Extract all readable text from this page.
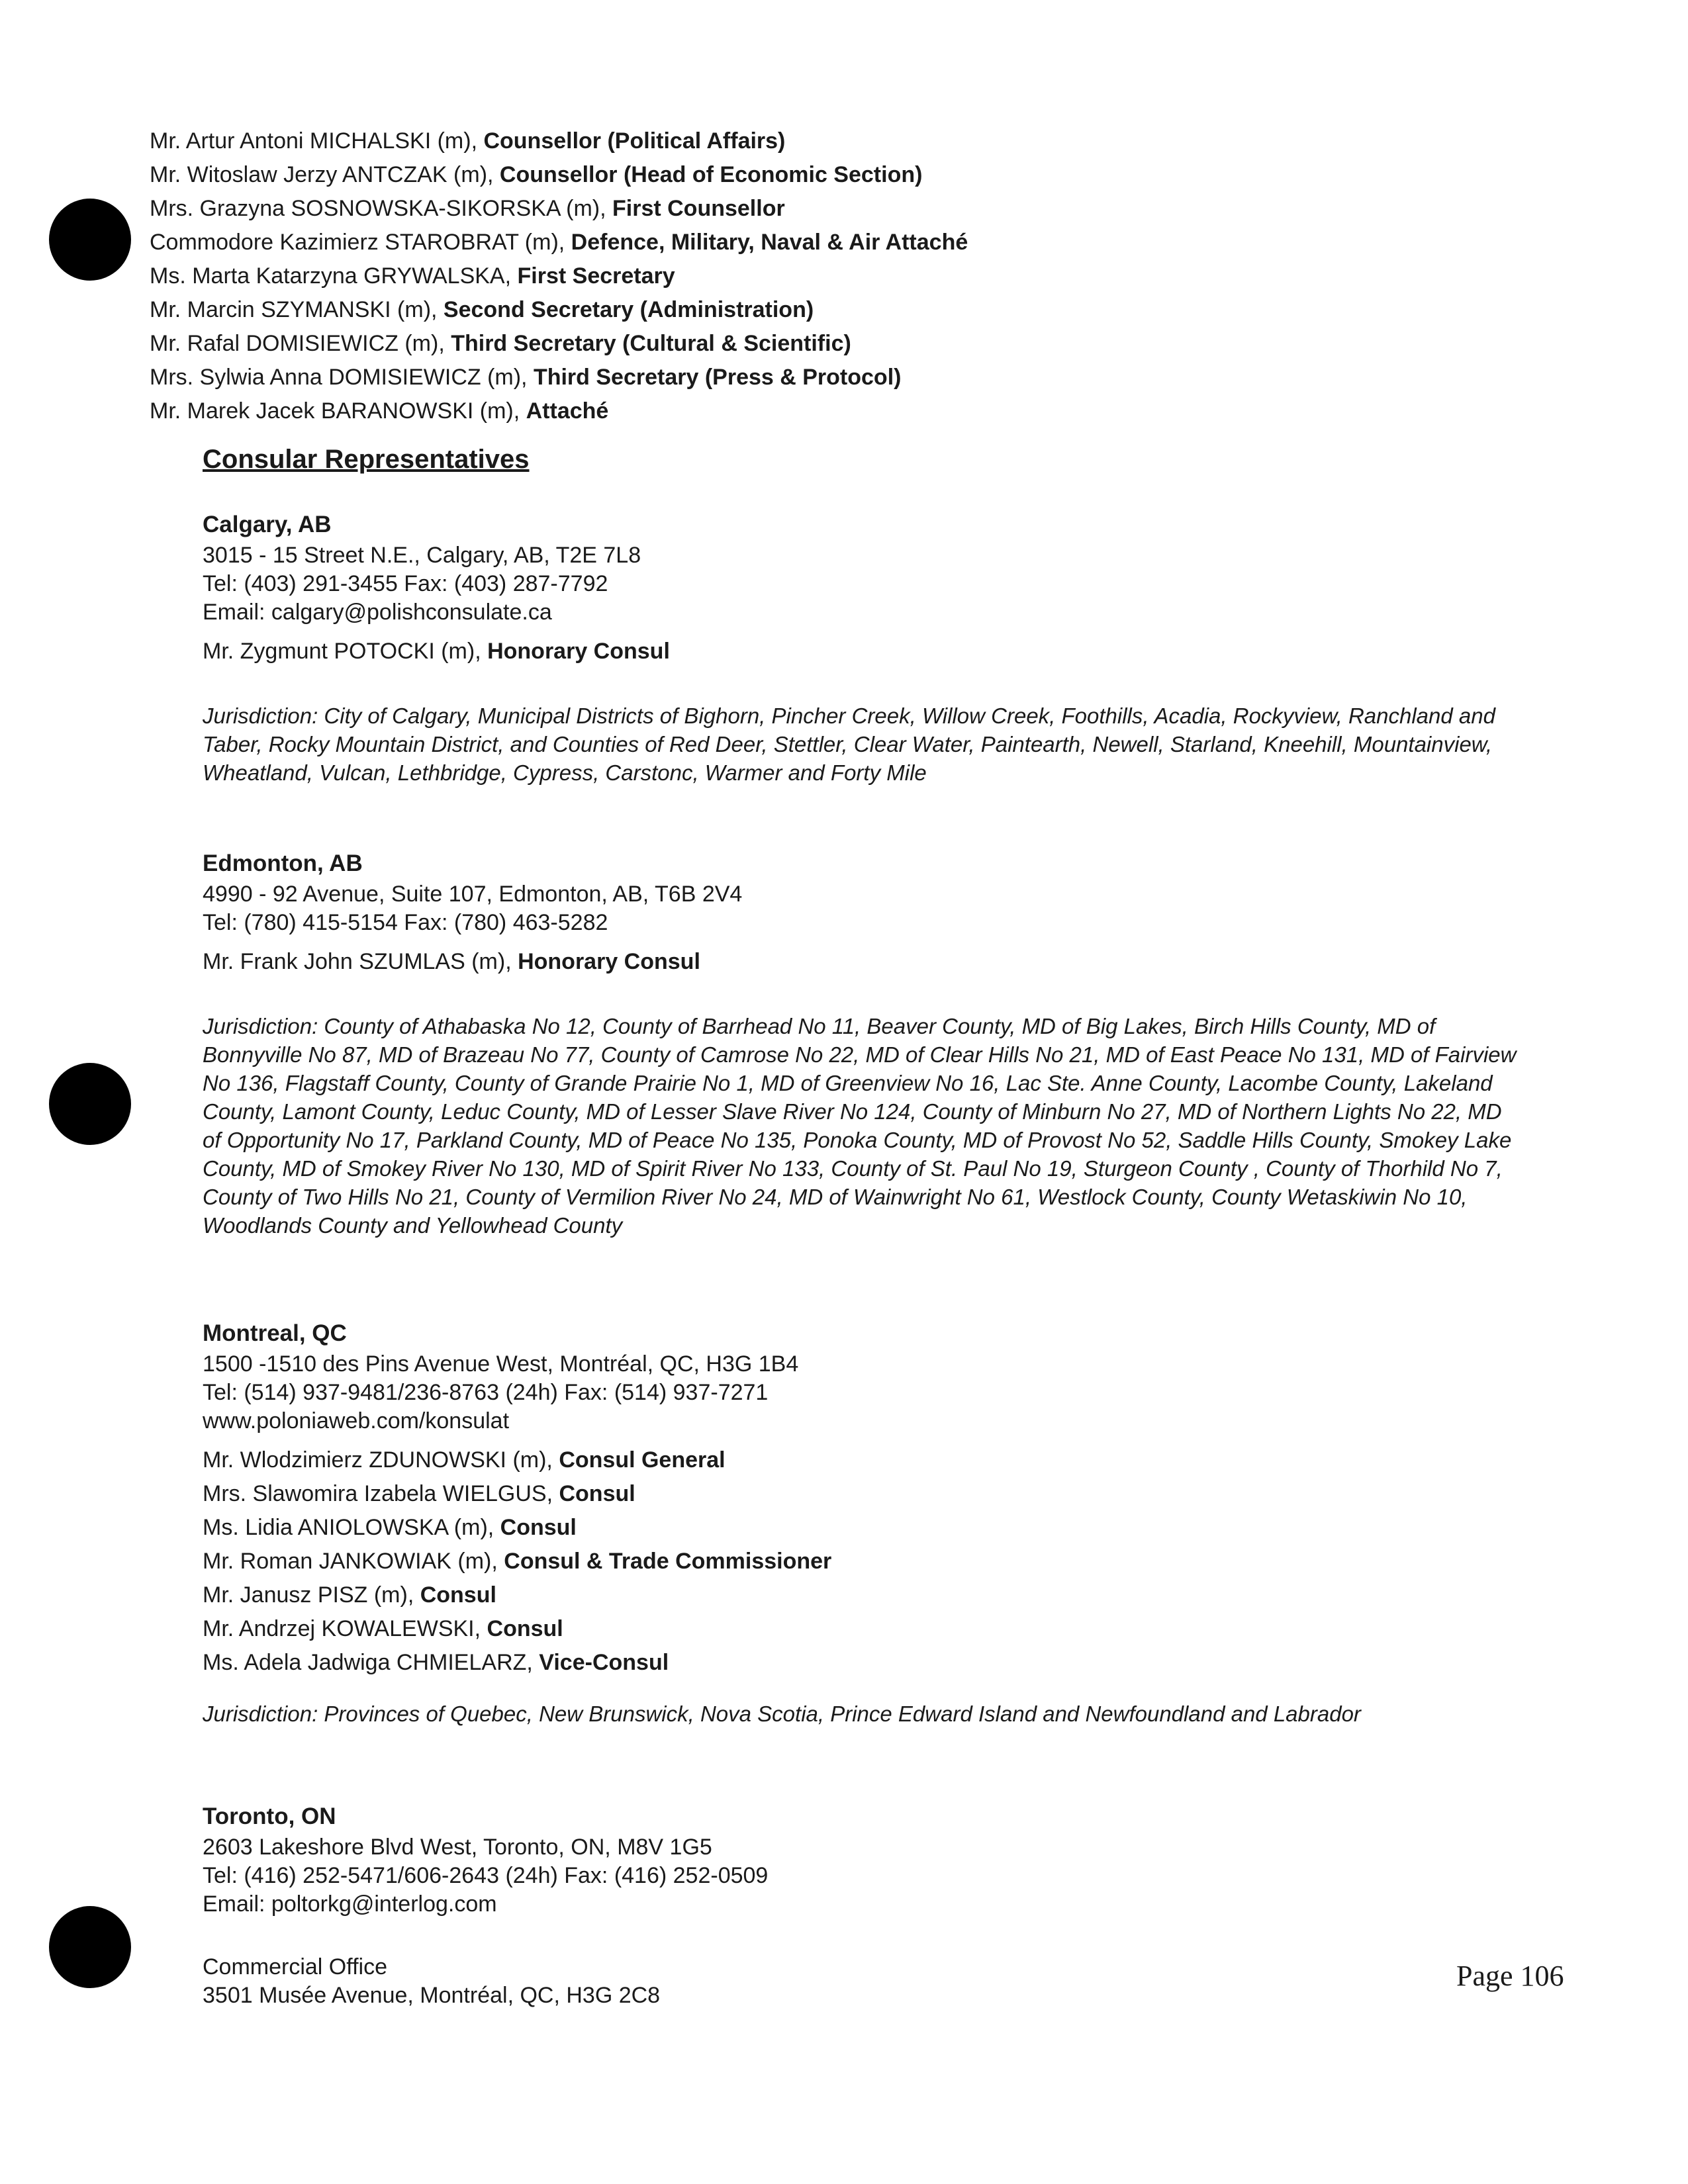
Mr. Artur Antoni MICHALSKI (m), Counsellor (Political Affairs)
Mr. Witoslaw Jerzy ANTCZAK (m), Counsellor (Head of Economic Section)
Mrs. Grazyna SOSNOWSKA-SIKORSKA (m), First Counsellor
Commodore Kazimierz STAROBRAT (m), Defence, Military, Naval & Air Attaché
Ms. Marta Katarzyna GRYWALSKA, First Secretary
Mr. Marcin SZYMANSKI (m), Second Secretary (Administration)
Mr. Rafal DOMISIEWICZ (m), Third Secretary (Cultural & Scientific)
Mrs. Sylwia Anna DOMISIEWICZ (m), Third Secretary (Press & Protocol)
Mr. Marek Jacek BARANOWSKI (m), Attaché
Consular Representatives
Calgary, AB
3015 - 15 Street N.E., Calgary, AB, T2E 7L8
Tel: (403) 291-3455 Fax: (403) 287-7792
Email: calgary@polishconsulate.ca
Mr. Zygmunt POTOCKI (m), Honorary Consul
Jurisdiction: City of Calgary, Municipal Districts of Bighorn, Pincher Creek, Willow Creek, Foothills, Acadia, Rockyview, Ranchland and Taber, Rocky Mountain District, and Counties of Red Deer, Stettler, Clear Water, Paintearth, Newell, Starland, Kneehill, Mountainview, Wheatland, Vulcan, Lethbridge, Cypress, Carstonc, Warmer and Forty Mile
Edmonton, AB
4990 - 92 Avenue, Suite 107, Edmonton, AB, T6B 2V4
Tel: (780) 415-5154 Fax: (780) 463-5282
Mr. Frank John SZUMLAS (m), Honorary Consul
Jurisdiction: County of Athabaska No 12, County of Barrhead No 11, Beaver County, MD of Big Lakes, Birch Hills County, MD of Bonnyville No 87, MD of Brazeau No 77, County of Camrose No 22, MD of Clear Hills No 21, MD of East Peace No 131, MD of Fairview No 136, Flagstaff County, County of Grande Prairie No 1, MD of Greenview No 16, Lac Ste. Anne County, Lacombe County, Lakeland County, Lamont County, Leduc County, MD of Lesser Slave River No 124, County of Minburn No 27, MD of Northern Lights No 22, MD of Opportunity No 17, Parkland County, MD of Peace No 135, Ponoka County, MD of Provost No 52, Saddle Hills County, Smokey Lake County, MD of Smokey River No 130, MD of Spirit River No 133, County of St. Paul No 19, Sturgeon County , County of Thorhild No 7, County of Two Hills No 21, County of Vermilion River No 24, MD of Wainwright No 61, Westlock County, County Wetaskiwin No 10, Woodlands County and Yellowhead County
Montreal, QC
1500 -1510 des Pins Avenue West, Montréal, QC, H3G 1B4
Tel: (514) 937-9481/236-8763 (24h) Fax: (514) 937-7271
www.poloniaweb.com/konsulat
Mr. Wlodzimierz ZDUNOWSKI (m), Consul General
Mrs. Slawomira Izabela WIELGUS, Consul
Ms. Lidia ANIOLOWSKA (m), Consul
Mr. Roman JANKOWIAK (m), Consul & Trade Commissioner
Mr. Janusz PISZ (m), Consul
Mr. Andrzej KOWALEWSKI, Consul
Ms. Adela Jadwiga CHMIELARZ, Vice-Consul
Jurisdiction: Provinces of Quebec, New Brunswick, Nova Scotia, Prince Edward Island and Newfoundland and Labrador
Toronto, ON
2603 Lakeshore Blvd West, Toronto, ON, M8V 1G5
Tel: (416) 252-5471/606-2643 (24h) Fax: (416) 252-0509
Email: poltorkg@interlog.com
Commercial Office
3501 Musée Avenue, Montréal, QC, H3G 2C8
Page 106
